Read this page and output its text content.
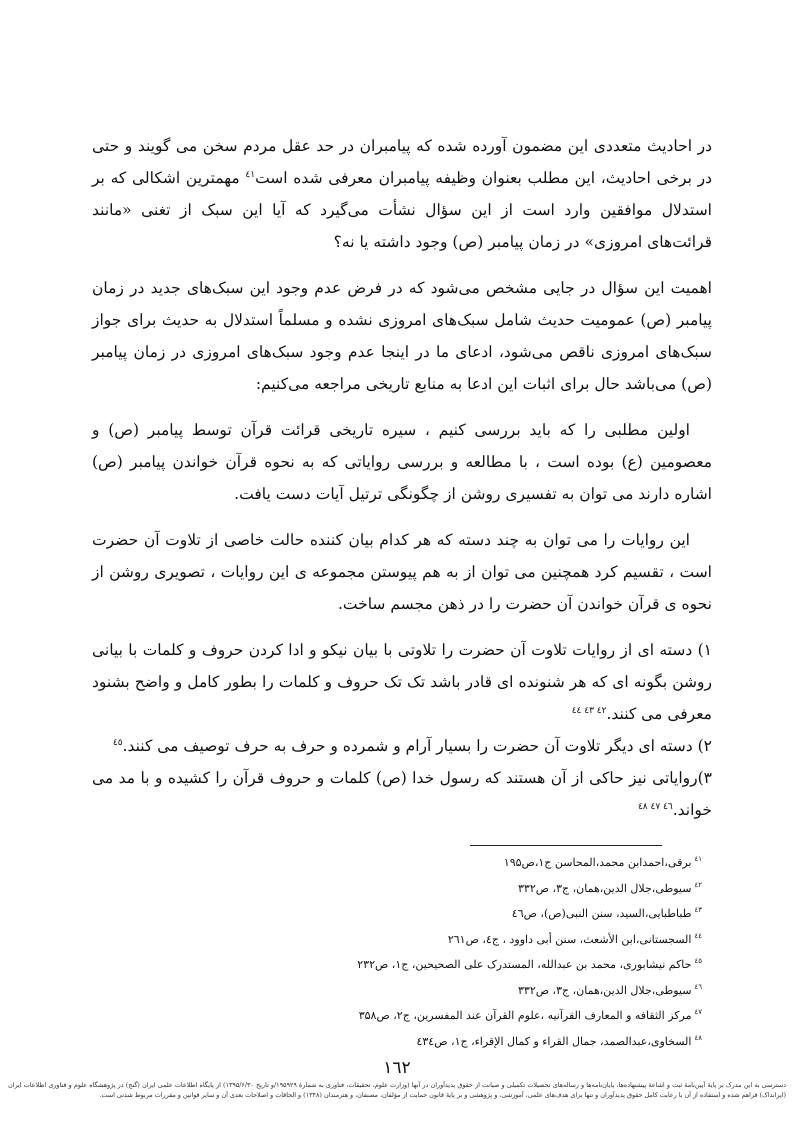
در احادیث متعددی این مضمون آورده شده که پیامبران در حد عقل مردم سخن می گویند و حتی در برخی احادیث، این مطلب بعنوان وظیفه پیامبران معرفی شده است$^{٤١}$ مهمترین اشکالی که بر استدلال موافقین وارد است از این سؤال نشأت می‌گیرد که آیا این سبک از تغنی «مانند قرائت‌های امروزی» در زمان پیامبر (ص) وجود داشته یا نه؟

اهمیت این سؤال در جایی مشخص می‌شود که در فرض عدم وجود این سبک‌های جدید در زمان پیامبر (ص) عمومیت حدیث شامل سبک‌های امروزی نشده و مسلماً استدلال به حدیث برای جواز سبک‌های امروزی ناقص می‌شود، ادعای ما در اینجا عدم وجود سبک‌های امروزی در زمان پیامبر (ص) می‌باشد حال برای اثبات این ادعا به منابع تاریخی مراجعه می‌کنیم:

اولین مطلبی را که باید بررسی کنیم ، سیره تاریخی قرائت قرآن توسط پیامبر (ص) و معصومین (ع) بوده است ، با مطالعه و بررسی روایاتی که به نحوه قرآن خواندن پیامبر (ص) اشاره دارند می توان به تفسیری روشن از چگونگی ترتیل آیات دست یافت.

این روایات را می توان به چند دسته که هر کدام بیان کننده حالت خاصی از تلاوت آن حضرت است ، تقسیم کرد همچنین می توان از به هم پیوستن مجموعه ی این روایات ، تصویری روشن از نحوه ی قرآن خواندن آن حضرت را در ذهن مجسم ساخت.

١) دسته ای از روایات تلاوت آن حضرت را تلاوتی با بیان نیکو و ادا کردن حروف و کلمات با بیانی روشن بگونه ای که هر شنونده ای قادر باشد تک تک حروف و کلمات را بطور کامل و واضح بشنود معرفی می کنند.$^{٤٢ ٤٣ ٤٤}$

٢) دسته ای دیگر تلاوت آن حضرت را بسیار آرام و شمرده و حرف به حرف توصیف می کنند.$^{٤٥}$

٣)روایاتی نیز حاکی از آن هستند که رسول خدا (ص) کلمات و حروف قرآن را کشیده و با مد می خواند.$^{٤٦ ٤٧ ٤٨}$

$^{٤١}$برقی،احمدابن محمد،المحاسن ج۱،ص۱۹۵
$^{٤٢}$سیوطی،جلال الدین،همان، ج۳، ص۳۳۲
$^{٤٣}$طباطبایی،السید، سنن النبی(ص)، ص٤٦
$^{٤٤}$السجستانی،ابن الأشعث، سنن أبی داوود ، ج٤، ص۲٦۱
$^{٤٥}$حاکم نیشابوری، محمد بن عبدالله، المستدرک علی الصحیحین، ج۱، ص۲۳۲
$^{٤٦}$سیوطی،جلال الدین،همان، ج۳، ص۳۳۲
$^{٤٧}$مرکز الثقافه و المعارف القرآنیه ،علوم القرآن عند المفسرین، ج۲، ص۳۵۸
$^{٤٨}$السخاوی،عبدالصمد، جمال القراء و کمال الإقراء، ج۱، ص٤۳٤
۱٦۲
دسترسی به این مدرک بر پایهٔ آیین‌نامهٔ ثبت و اشاعهٔ پیشنهاده‌ها، پایان‌نامه‌ها و رساله‌های تحصیلات تکمیلی و صیانت از حقوق پدیدآوران در آنها (وزارت علوم، تحقیقات، فناوری به شمارهٔ ۱۹۵۹۲۹/و تاریخ ۱۳۹۵/۶/۳۰) از پایگاه اطلاعات علمی ایران (گنج) در پژوهشگاه علوم و فناوری اطلاعات ایران (ایرانداک) فراهم شده و استفاده از آن با رعایت کامل حقوق پدیدآوران و تنها برای هدف‌های علمی، آموزشی، و پژوهشی و بر پایهٔ قانون حمایت از مؤلفان، مصنفان، و هنرمندان (۱۳۴۸) و الحاقات و اصلاحات بعدی آن و سایر قوانین و مقررات مربوط شدنی است.
